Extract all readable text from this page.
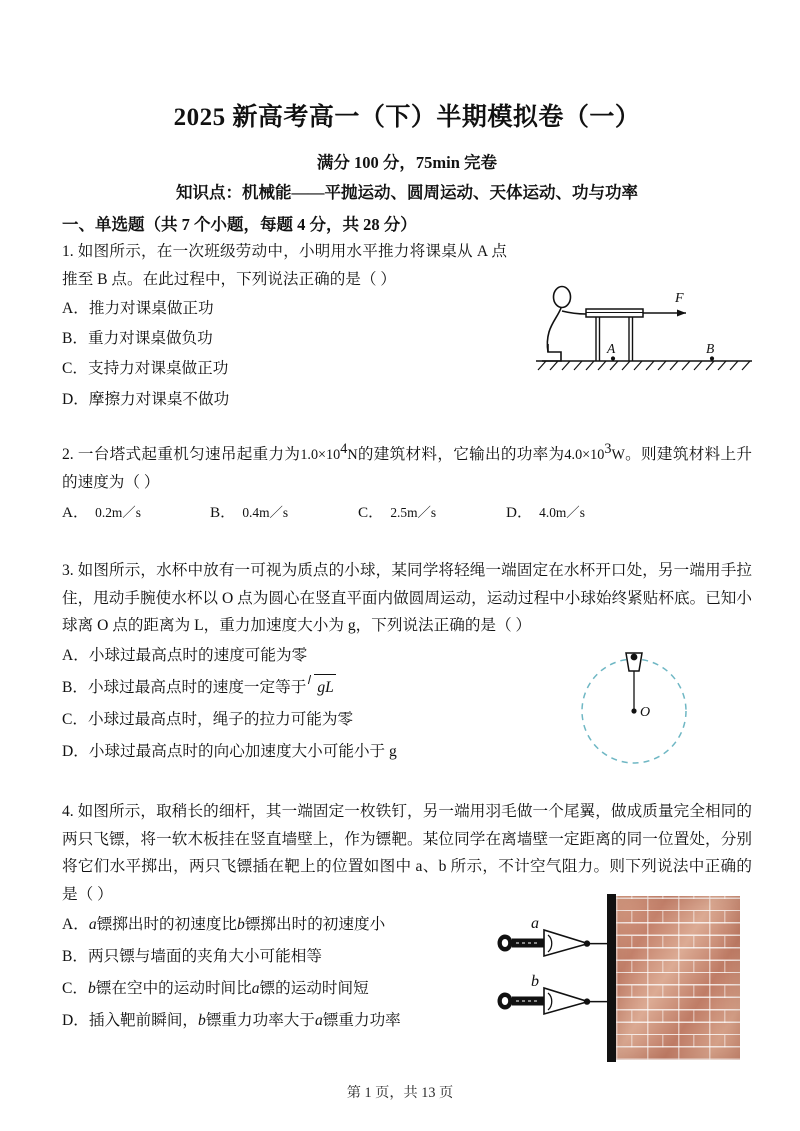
2025 新高考高一（下）半期模拟卷（一）
满分 100 分，75min 完卷
知识点：机械能——平抛运动、圆周运动、天体运动、功与功率
一、单选题（共 7 个小题，每题 4 分，共 28 分）
1. 如图所示，在一次班级劳动中，小明用水平推力将课桌从 A 点推至 B 点。在此过程中，下列说法正确的是（ ）
A．推力对课桌做正功
B．重力对课桌做负功
C．支持力对课桌做正功
D．摩擦力对课桌不做功
F
A	B
2. 一台塔式起重机匀速吊起重力为$1.0\times 10^4N$的建筑材料，它输出的功率为$4.0\times 10^3W$。则建筑材料上升的速度为（ ）
A． 0.2m／s	B． 0.4m／s	C． 2.5m／s	D． 4.0m／s
3. 如图所示，水杯中放有一可视为质点的小球，某同学将轻绳一端固定在水杯开口处，另一端用手拉住，甩动手腕使水杯以 O 点为圆心在竖直平面内做圆周运动，运动过程中小球始终紧贴杯底。已知小球离 O 点的距离为 L，重力加速度大小为 g，下列说法正确的是（ ）
A．小球过最高点时的速度可能为零
B．小球过最高点时的速度一定等于 gL
C．小球过最高点时，绳子的拉力可能为零
D．小球过最高点时的向心加速度大小可能小于 g
O
4. 如图所示，取稍长的细杆，其一端固定一枚铁钉，另一端用羽毛做一个尾翼，做成质量完全相同的两只飞镖，将一软木板挂在竖直墙壁上，作为镖靶。某位同学在离墙壁一定距离的同一位置处，分别将它们水平掷出，两只飞镖插在靶上的位置如图中 a、b 所示，不计空气阻力。则下列说法中正确的是（ ）
A．a镖掷出时的初速度比b镖掷出时的初速度小
B．两只镖与墙面的夹角大小可能相等
C．b镖在空中的运动时间比a镖的运动时间短
D．插入靶前瞬间，b镖重力功率大于a镖重力功率
a
b
第 1 页，共 13 页
